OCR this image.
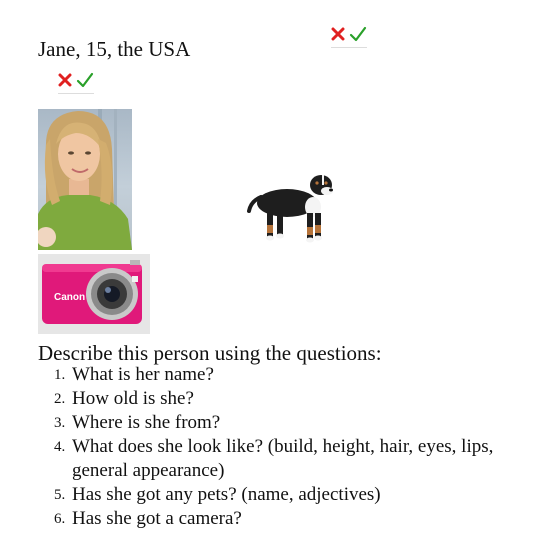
Jane, 15, the USA
Canon
Describe this person using the questions:
1. What is her name?
2. How old is she?
3. Where is she from?
4. What does she look like? (build, height, hair, eyes, lips, general appearance)
5. Has she got any pets? (name, adjectives)
6. Has she got a camera?
